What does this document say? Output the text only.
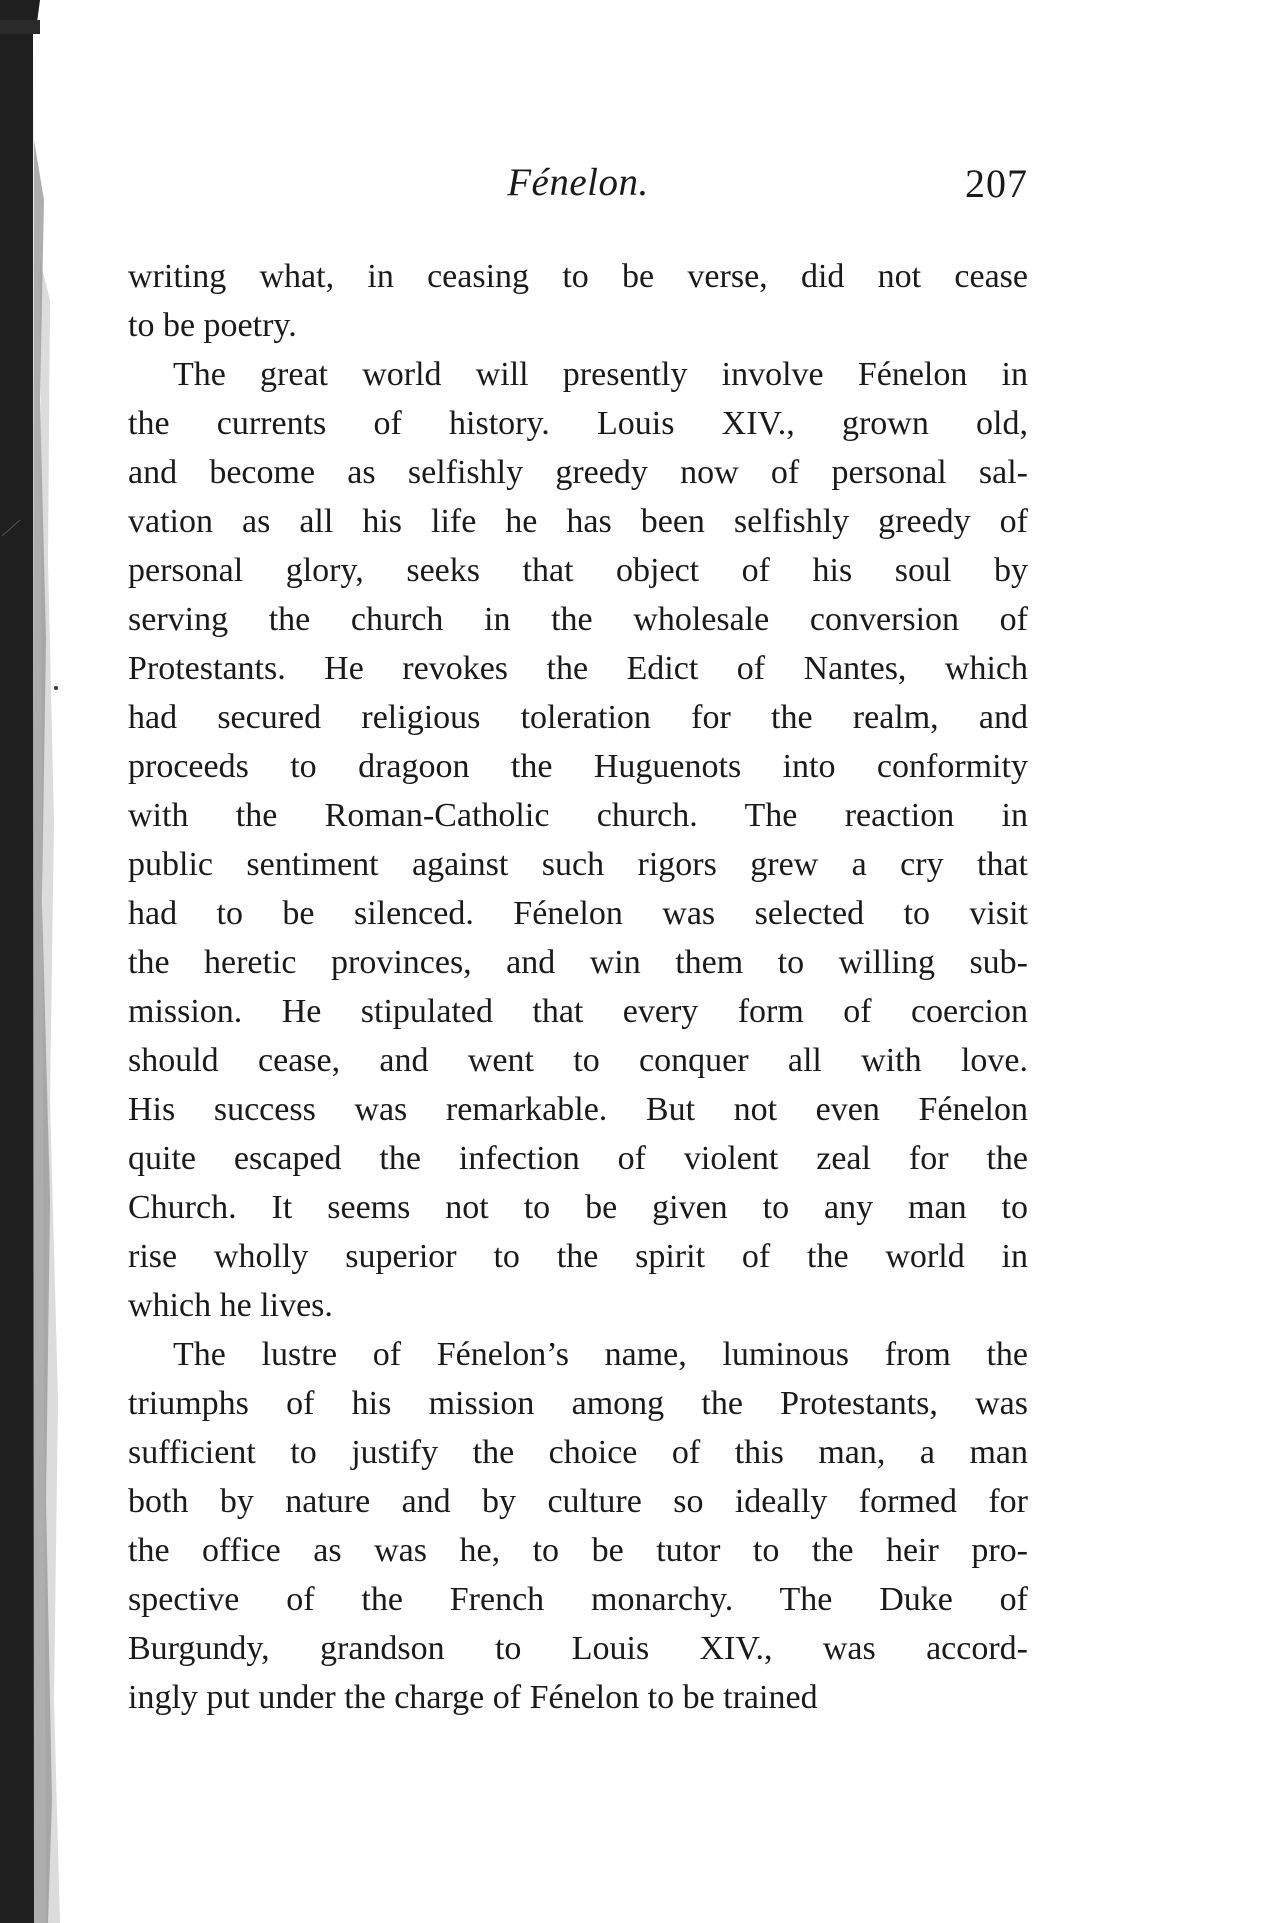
Fénelon.	207
writing what, in ceasing to be verse, did not cease
to be poetry.
The great world will presently involve Fénelon in
the currents of history. Louis XIV., grown old,
and become as selfishly greedy now of personal sal-
vation as all his life he has been selfishly greedy of
personal glory, seeks that object of his soul by
serving the church in the wholesale conversion of
Protestants. He revokes the Edict of Nantes, which
had secured religious toleration for the realm, and
proceeds to dragoon the Huguenots into conformity
with the Roman-Catholic church. The reaction in
public sentiment against such rigors grew a cry that
had to be silenced. Fénelon was selected to visit
the heretic provinces, and win them to willing sub-
mission. He stipulated that every form of coercion
should cease, and went to conquer all with love.
His success was remarkable. But not even Fénelon
quite escaped the infection of violent zeal for the
Church. It seems not to be given to any man to
rise wholly superior to the spirit of the world in
which he lives.
The lustre of Fénelon’s name, luminous from the
triumphs of his mission among the Protestants, was
sufficient to justify the choice of this man, a man
both by nature and by culture so ideally formed for
the office as was he, to be tutor to the heir pro-
spective of the French monarchy. The Duke of
Burgundy, grandson to Louis XIV., was accord-
ingly put under the charge of Fénelon to be trained
